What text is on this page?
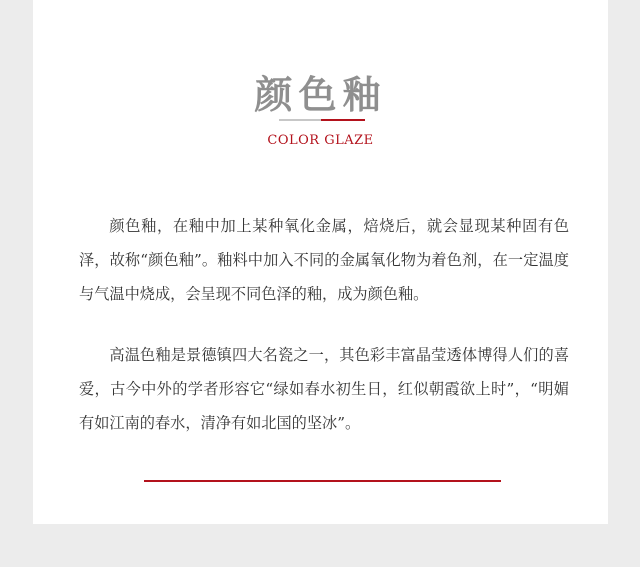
颜色釉
COLOR GLAZE

颜色釉，在釉中加上某种氧化金属，焙烧后，就会显现某种固有色泽，故称“颜色釉”。釉料中加入不同的金属氧化物为着色剂，在一定温度与气温中烧成，会呈现不同色泽的釉，成为颜色釉。

高温色釉是景德镇四大名瓷之一，其色彩丰富晶莹透体博得人们的喜爱，古今中外的学者形容它“绿如春水初生日，红似朝霞欲上时”，“明媚有如江南的春水，清净有如北国的坚冰”。
